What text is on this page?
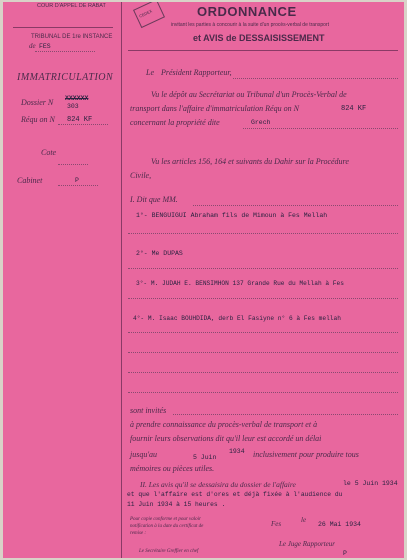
COUR D'APPEL DE RABAT
TRIBUNAL DE 1re INSTANCE
de FES
IMMATRICULATION
Dossier N XXXXXX
303
Réqu on N 824 KF
Cote
Cabinet	P
CEDEX	ORDONNANCE
invitant les parties à concourir à la suite d'un procès-verbal de transport
et AVIS de DESSAISISSEMENT
Le Président Rapporteur,
Vu le dépôt au Secrétariat ou Tribunal d'un Procès-Verbal de
transport dans l'affaire d'immatriculation Réqu on N	824 KF
concernant la propriété dite	Grech
Vu les articles 156, 164 et suivants du Dahir sur la Procédure
Civile,
I. Dit que MM.
1°- BENGUIGUI Abraham fils de Mimoun à Fes Mellah
2°- Me DUPAS
3°- M. JUDAH E. BENSIMHON 137 Grande Rue du Mellah à Fes
4°- M. Isaac BOUHDIDA, derb El Fasiyne n° 6 à Fes mellah
sont invités
à prendre connaissance du procès-verbal de transport et à
fournir leurs observations dit qu'il leur est accordé un délai
jusqu'au	5 Juin
1934 inclusivement pour produire tous
mémoires ou pièces utiles.
II. Les avis qu'il se dessaisira du dossier de l'affaire	le 5 Juin 1934
et que l'affaire est d'ores et déjà fixée à l'audience du
11 Juin 1934 à 15 heures .
Pour copie conforme et pour valoir
notification à la date du certificat de
remise :
Le Secrétaire Greffier en chef
Fes	le
26 Mai 1934
Le Juge Rapporteur
P
